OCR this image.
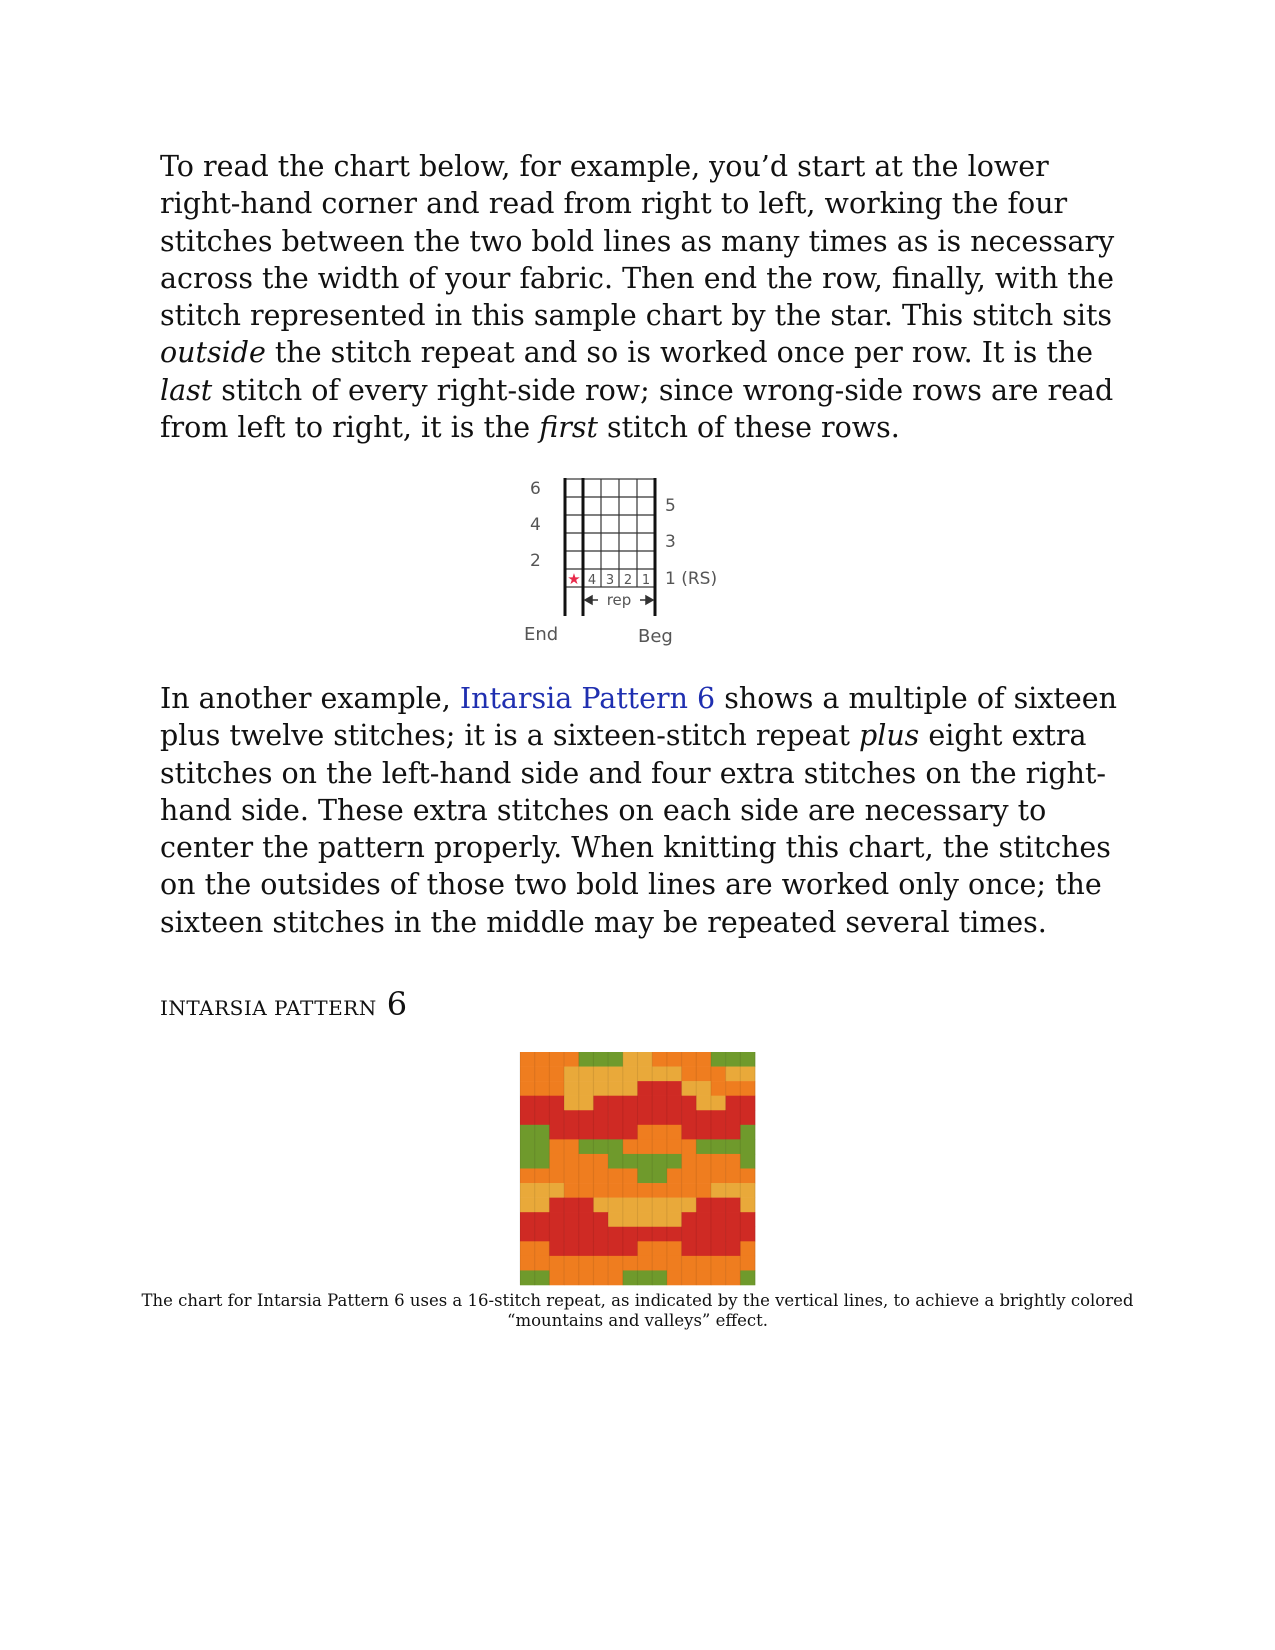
To read the chart below, for example, you’d start at the lower right-hand corner and read from right to left, working the four stitches between the two bold lines as many times as is necessary across the width of your fabric. Then end the row, finally, with the stitch represented in this sample chart by the star. This stitch sits outside the stitch repeat and so is worked once per row. It is the last stitch of every right-side row; since wrong-side rows are read from left to right, it is the first stitch of these rows.

★ 4 3 2 1
rep
6
4
2
5
3
1 (RS)
End	Beg

In another example, Intarsia Pattern 6 shows a multiple of sixteen plus twelve stitches; it is a sixteen-stitch repeat plus eight extra stitches on the left-hand side and four extra stitches on the right-hand side. These extra stitches on each side are necessary to center the pattern properly. When knitting this chart, the stitches on the outsides of those two bold lines are worked only once; the sixteen stitches in the middle may be repeated several times.

INTARSIA PATTERN 6

The chart for Intarsia Pattern 6 uses a 16-stitch repeat, as indicated by the vertical lines, to achieve a brightly colored “mountains and valleys” effect.
